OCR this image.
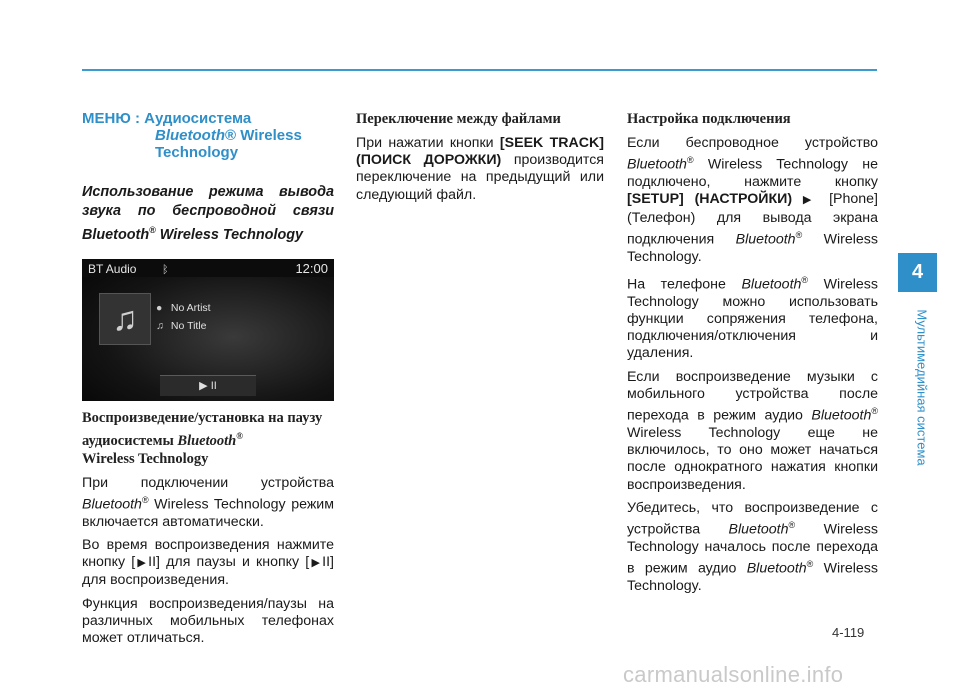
МЕНЮ : Аудиосистема
Bluetooth® Wireless
Technology
Использование режима вывода звука по беспроводной связи Bluetooth® Wireless Technology
BT Audio ᛒ	12:00
♫	● No Artist
♫ No Title
▶ II
Воспроизведение/установка на паузу аудиосистемы Bluetooth®
Wireless Technology

При подключении устройства Bluetooth® Wireless Technology режим включается автоматически.

Во время воспроизведения нажмите кнопку [▶II] для паузы и кнопку [▶II] для воспроизведения.

Функция воспроизведения/паузы на различных мобильных телефонах может отличаться.

Переключение между файлами

При нажатии кнопки [SEEK TRACK] (ПОИСК ДОРОЖКИ) производится переключение на предыдущий или следующий файл.

Настройка подключения

Если беспроводное устройство Bluetooth® Wireless Technology не подключено, нажмите кнопку [SETUP] (НАСТРОЙКИ) ▶ [Phone] (Телефон) для вывода экрана подключения Bluetooth® Wireless Technology.

На телефоне Bluetooth® Wireless Technology можно использовать функции сопряжения телефона, подключения/отключения и удаления.

Если воспроизведение музыки с мобильного устройства после перехода в режим аудио Bluetooth® Wireless Technology еще не включилось, то оно может начаться после однократного нажатия кнопки воспроизведения.

Убедитесь, что воспроизведение с устройства Bluetooth® Wireless Technology началось после перехода в режим аудио Bluetooth® Wireless Technology.

4
Мультимедийная система
4-119
carmanualsonline.info
